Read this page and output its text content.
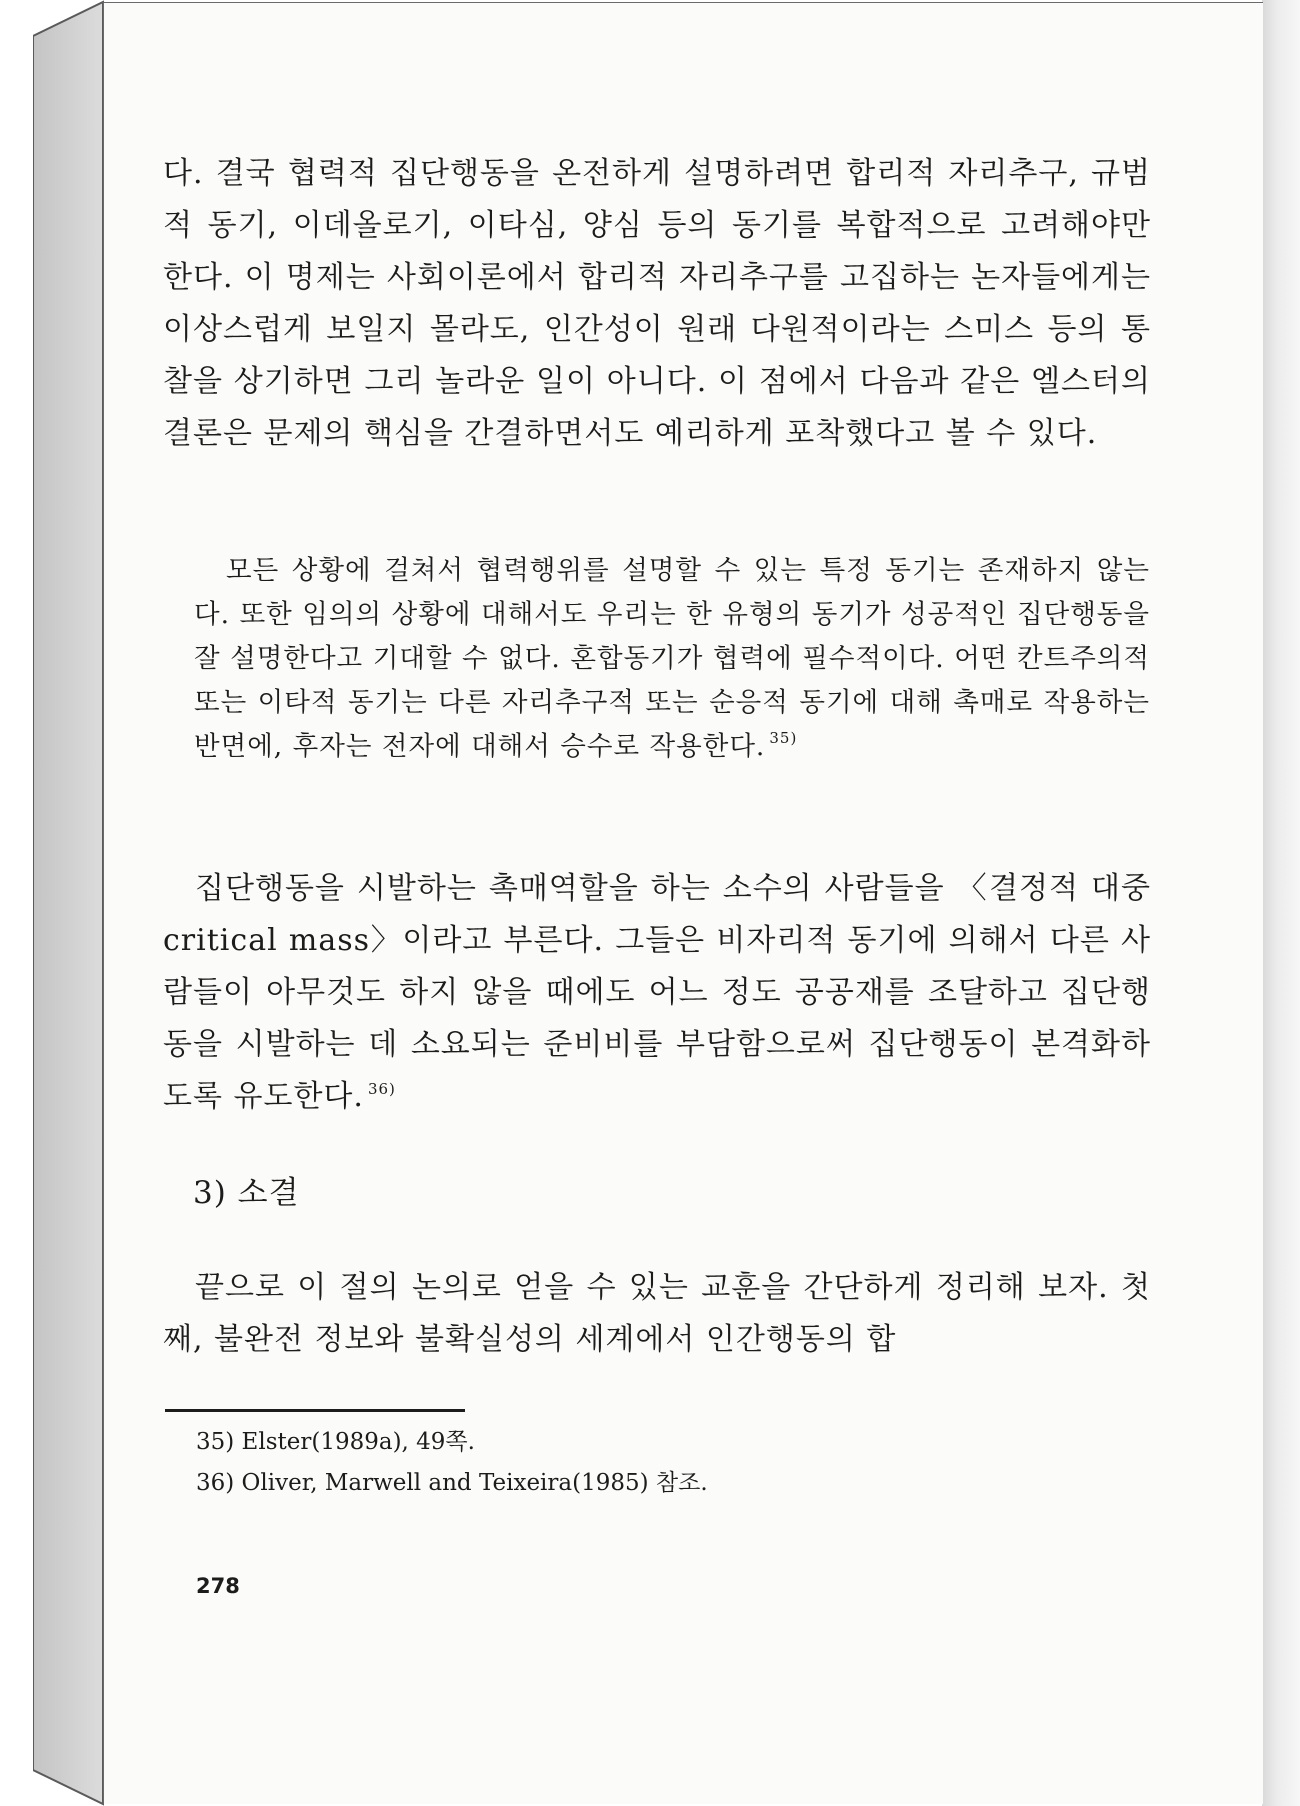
다. 결국 협력적 집단행동을 온전하게 설명하려면 합리적 자리추구, 규범적 동기, 이데올로기, 이타심, 양심 등의 동기를 복합적으로 고려해야만 한다. 이 명제는 사회이론에서 합리적 자리추구를 고집하는 논자들에게는 이상스럽게 보일지 몰라도, 인간성이 원래 다원적이라는 스미스 등의 통찰을 상기하면 그리 놀라운 일이 아니다. 이 점에서 다음과 같은 엘스터의 결론은 문제의 핵심을 간결하면서도 예리하게 포착했다고 볼 수 있다.
모든 상황에 걸쳐서 협력행위를 설명할 수 있는 특정 동기는 존재하지 않는다. 또한 임의의 상황에 대해서도 우리는 한 유형의 동기가 성공적인 집단행동을 잘 설명한다고 기대할 수 없다. 혼합동기가 협력에 필수적이다. 어떤 칸트주의적 또는 이타적 동기는 다른 자리추구적 또는 순응적 동기에 대해 촉매로 작용하는 반면에, 후자는 전자에 대해서 승수로 작용한다. $^{35)}$
집단행동을 시발하는 촉매역할을 하는 소수의 사람들을 〈결정적 대중 critical mass〉이라고 부른다. 그들은 비자리적 동기에 의해서 다른 사람들이 아무것도 하지 않을 때에도 어느 정도 공공재를 조달하고 집단행동을 시발하는 데 소요되는 준비비를 부담함으로써 집단행동이 본격화하도록 유도한다. $^{36)}$
3) 소결
끝으로 이 절의 논의로 얻을 수 있는 교훈을 간단하게 정리해 보자. 첫째, 불완전 정보와 불확실성의 세계에서 인간행동의 합
35) Elster(1989a), 49쪽.
36) Oliver, Marwell and Teixeira(1985) 참조.
278
